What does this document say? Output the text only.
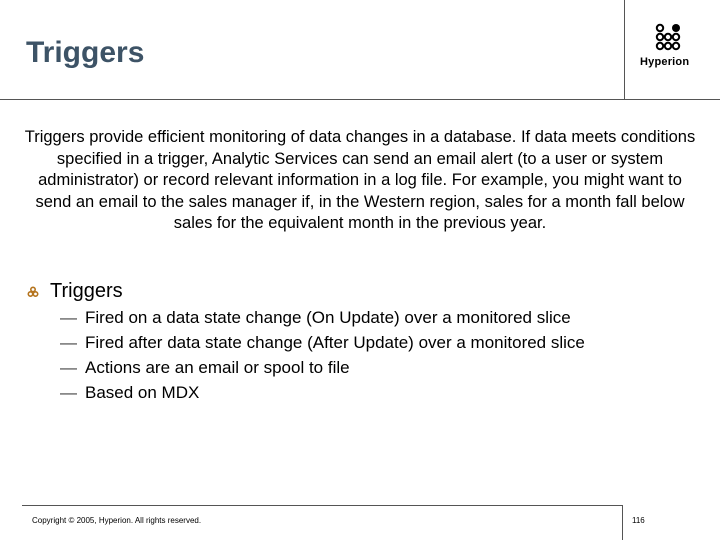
Triggers	Hyperion
Triggers provide efficient monitoring of data changes in a database. If data meets conditions specified in a trigger, Analytic Services can send an email alert (to a user or system administrator) or record relevant information in a log file. For example, you might want to send an email to the sales manager if, in the Western region, sales for a month fall below sales for the equivalent month in the previous year.
Triggers
— Fired on a data state change (On Update) over a monitored slice
— Fired after data state change (After Update) over a monitored slice
— Actions are an email or spool to file
— Based on MDX
Copyright © 2005, Hyperion. All rights reserved.	116
